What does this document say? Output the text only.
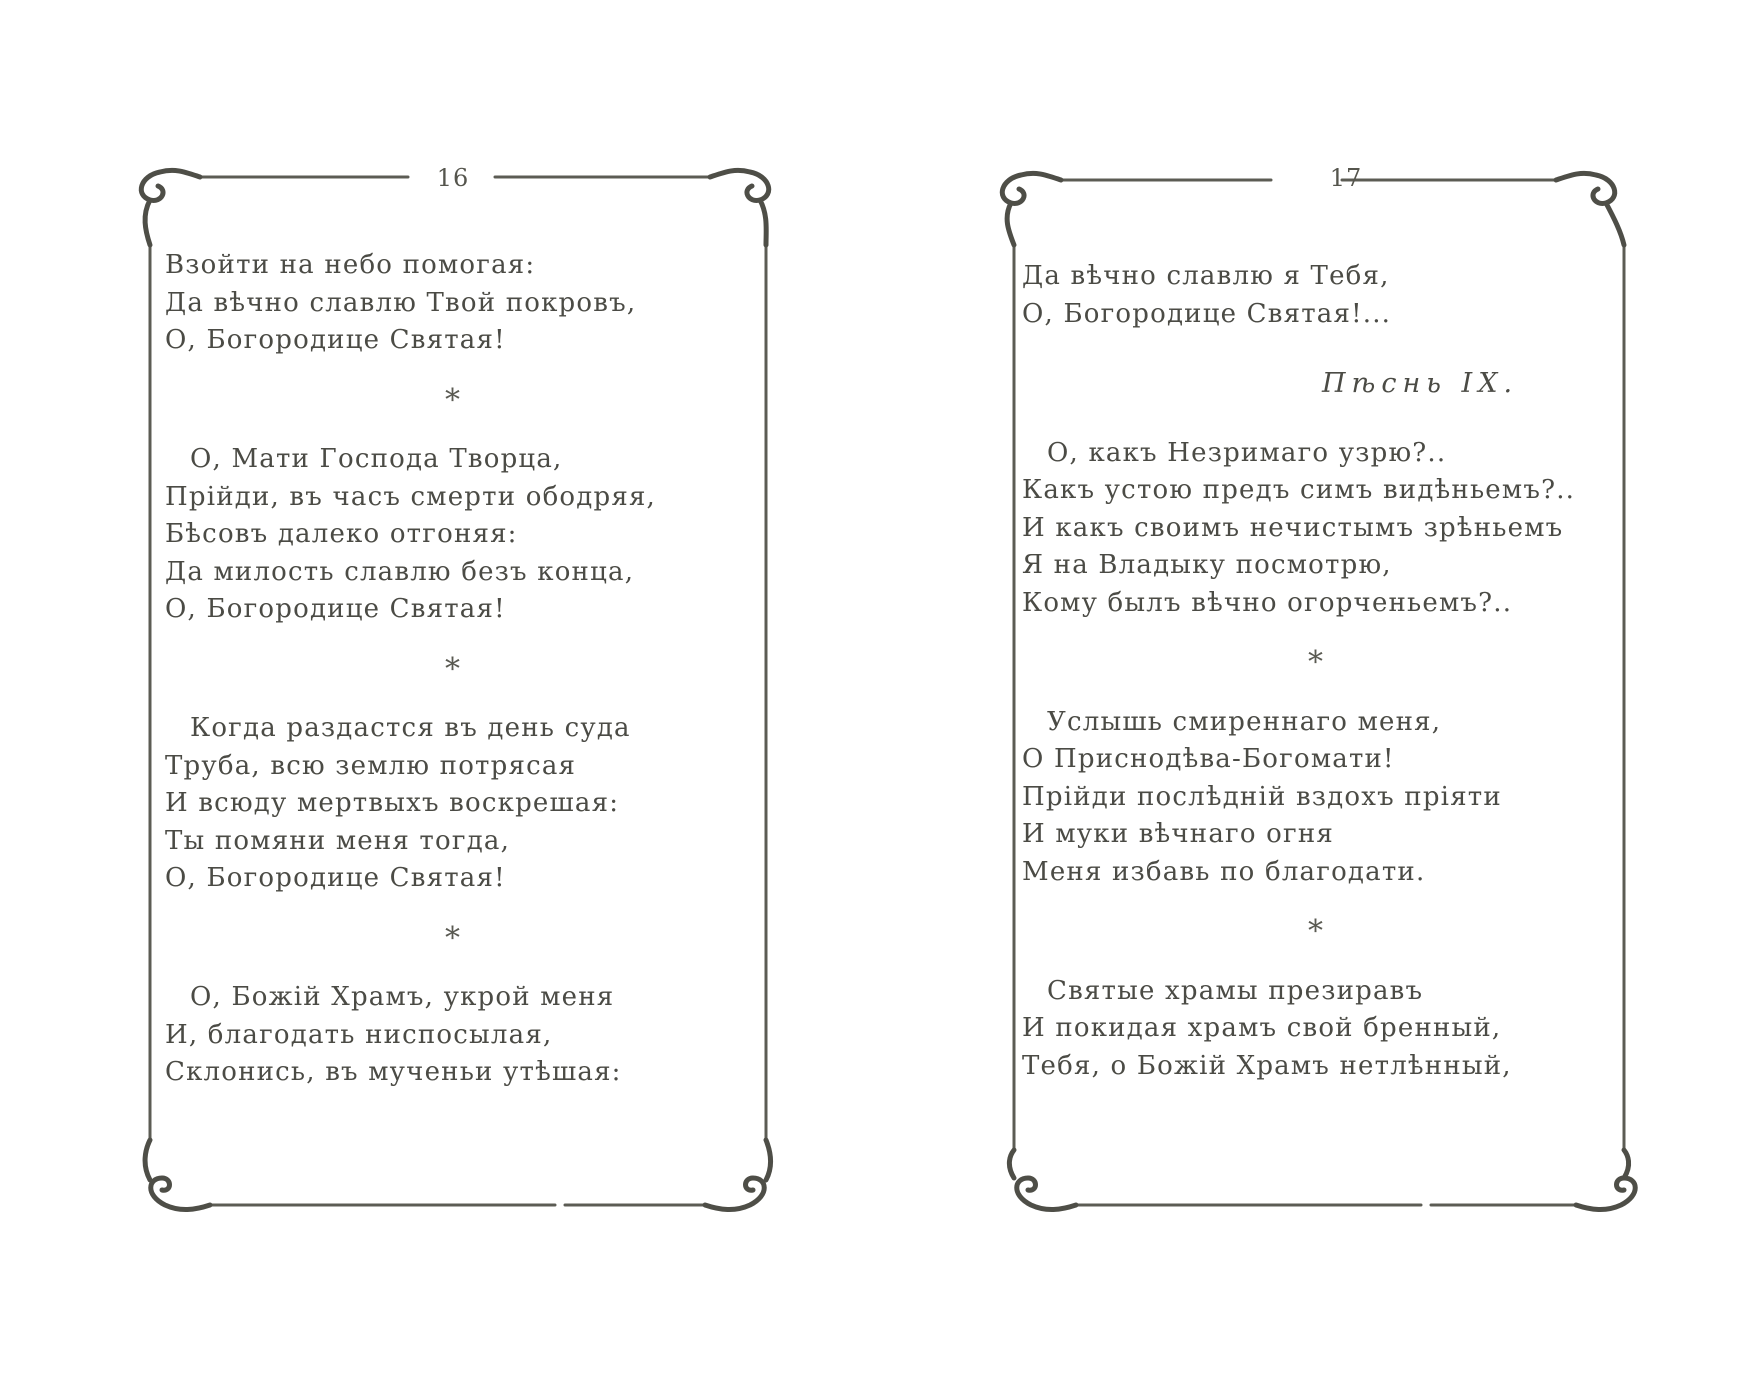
16
Взойти на небо помогая:
Да вѣчно славлю Твой покровъ,
О, Богородице Святая!
*
О, Мати Господа Творца,
Прійди, въ часъ смерти ободряя,
Бѣсовъ далеко отгоняя:
Да милость славлю безъ конца,
О, Богородице Святая!
*
Когда раздастся въ день суда
Труба, всю землю потрясая
И всюду мертвыхъ воскрешая:
Ты помяни меня тогда,
О, Богородице Святая!
*
О, Божій Храмъ, укрой меня
И, благодать ниспосылая,
Склонись, въ мученьи утѣшая:
17
Да вѣчно славлю я Тебя,
О, Богородице Святая!...
Пѣснь IX.
О, какъ Незримаго узрю?..
Какъ устою предъ симъ видѣньемъ?..
И какъ своимъ нечистымъ зрѣньемъ
Я на Владыку посмотрю,
Кому былъ вѣчно огорченьемъ?..
*
Услышь смиреннаго меня,
О Приснодѣва-Богомати!
Прійди послѣдній вздохъ пріяти
И муки вѣчнаго огня
Меня избавь по благодати.
*
Святые храмы презиравъ
И покидая храмъ свой бренный,
Тебя, о Божій Храмъ нетлѣнный,
